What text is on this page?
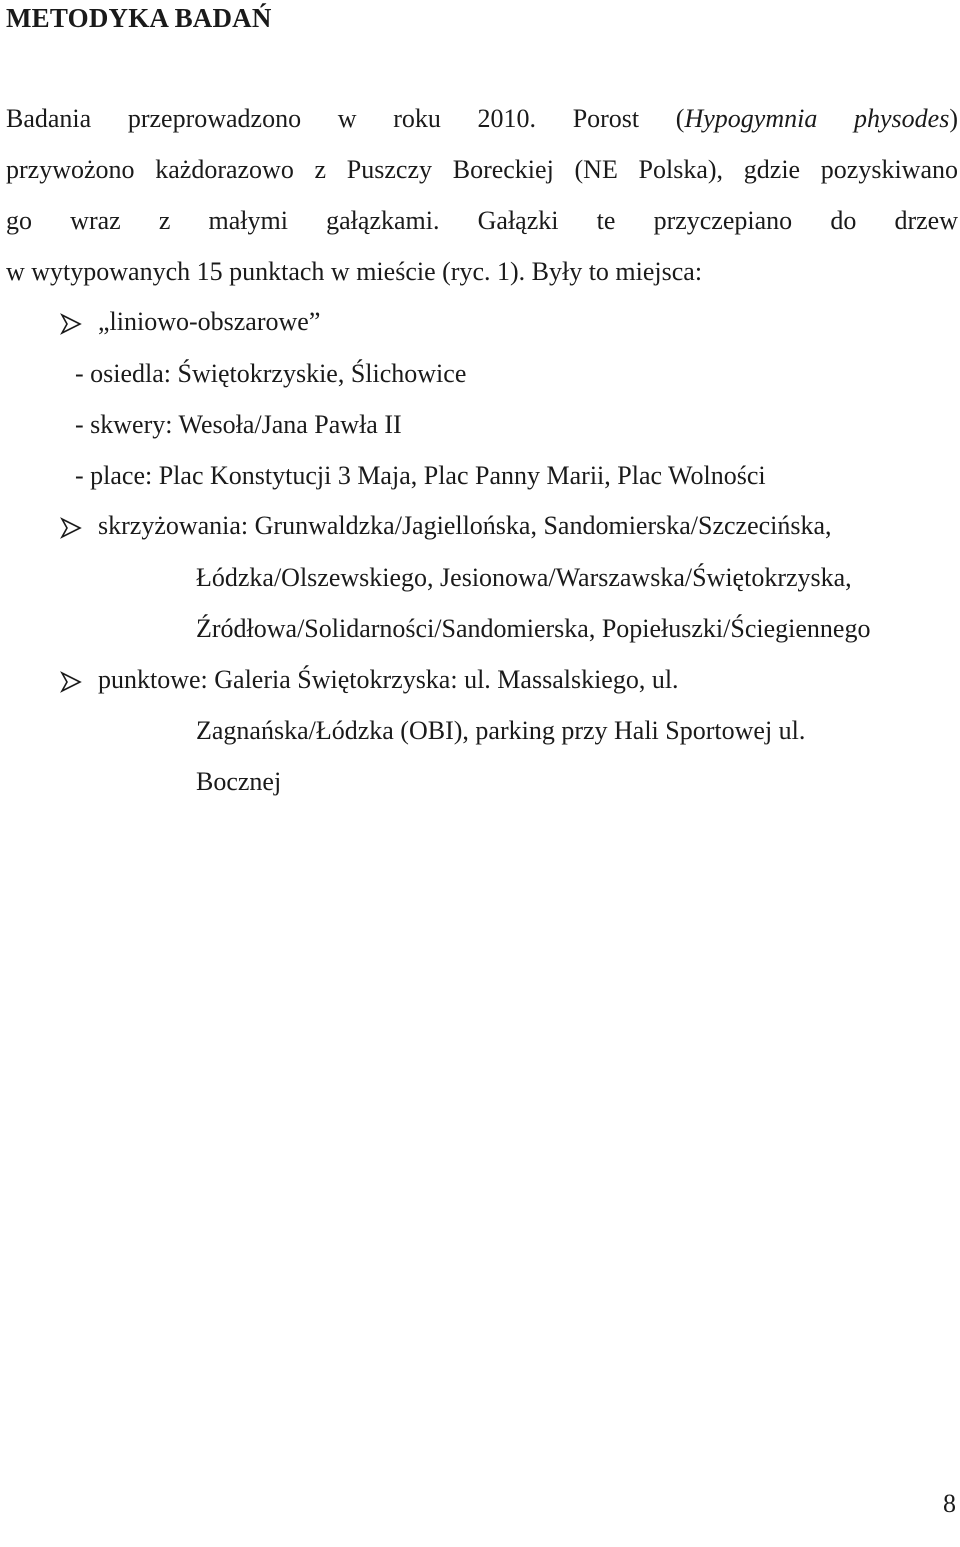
METODYKA BADAŃ
Badania przeprowadzono w roku 2010. Porost (Hypogymnia physodes)
przywożono każdorazowo z Puszczy Boreckiej (NE Polska), gdzie pozyskiwano
go wraz z małymi gałązkami. Gałązki te przyczepiano do drzew
w wytypowanych 15 punktach w mieście (ryc. 1). Były to miejsca:
„liniowo-obszarowe”
- osiedla: Świętokrzyskie, Ślichowice
- skwery: Wesoła/Jana Pawła II
- place: Plac Konstytucji 3 Maja, Plac Panny Marii, Plac Wolności
skrzyżowania: Grunwaldzka/Jagiellońska, Sandomierska/Szczecińska,
Łódzka/Olszewskiego, Jesionowa/Warszawska/Świętokrzyska,
Źródłowa/Solidarności/Sandomierska, Popiełuszki/Ściegiennego
punktowe: Galeria Świętokrzyska: ul. Massalskiego, ul.
Zagnańska/Łódzka (OBI), parking przy Hali Sportowej ul.
Bocznej
8
